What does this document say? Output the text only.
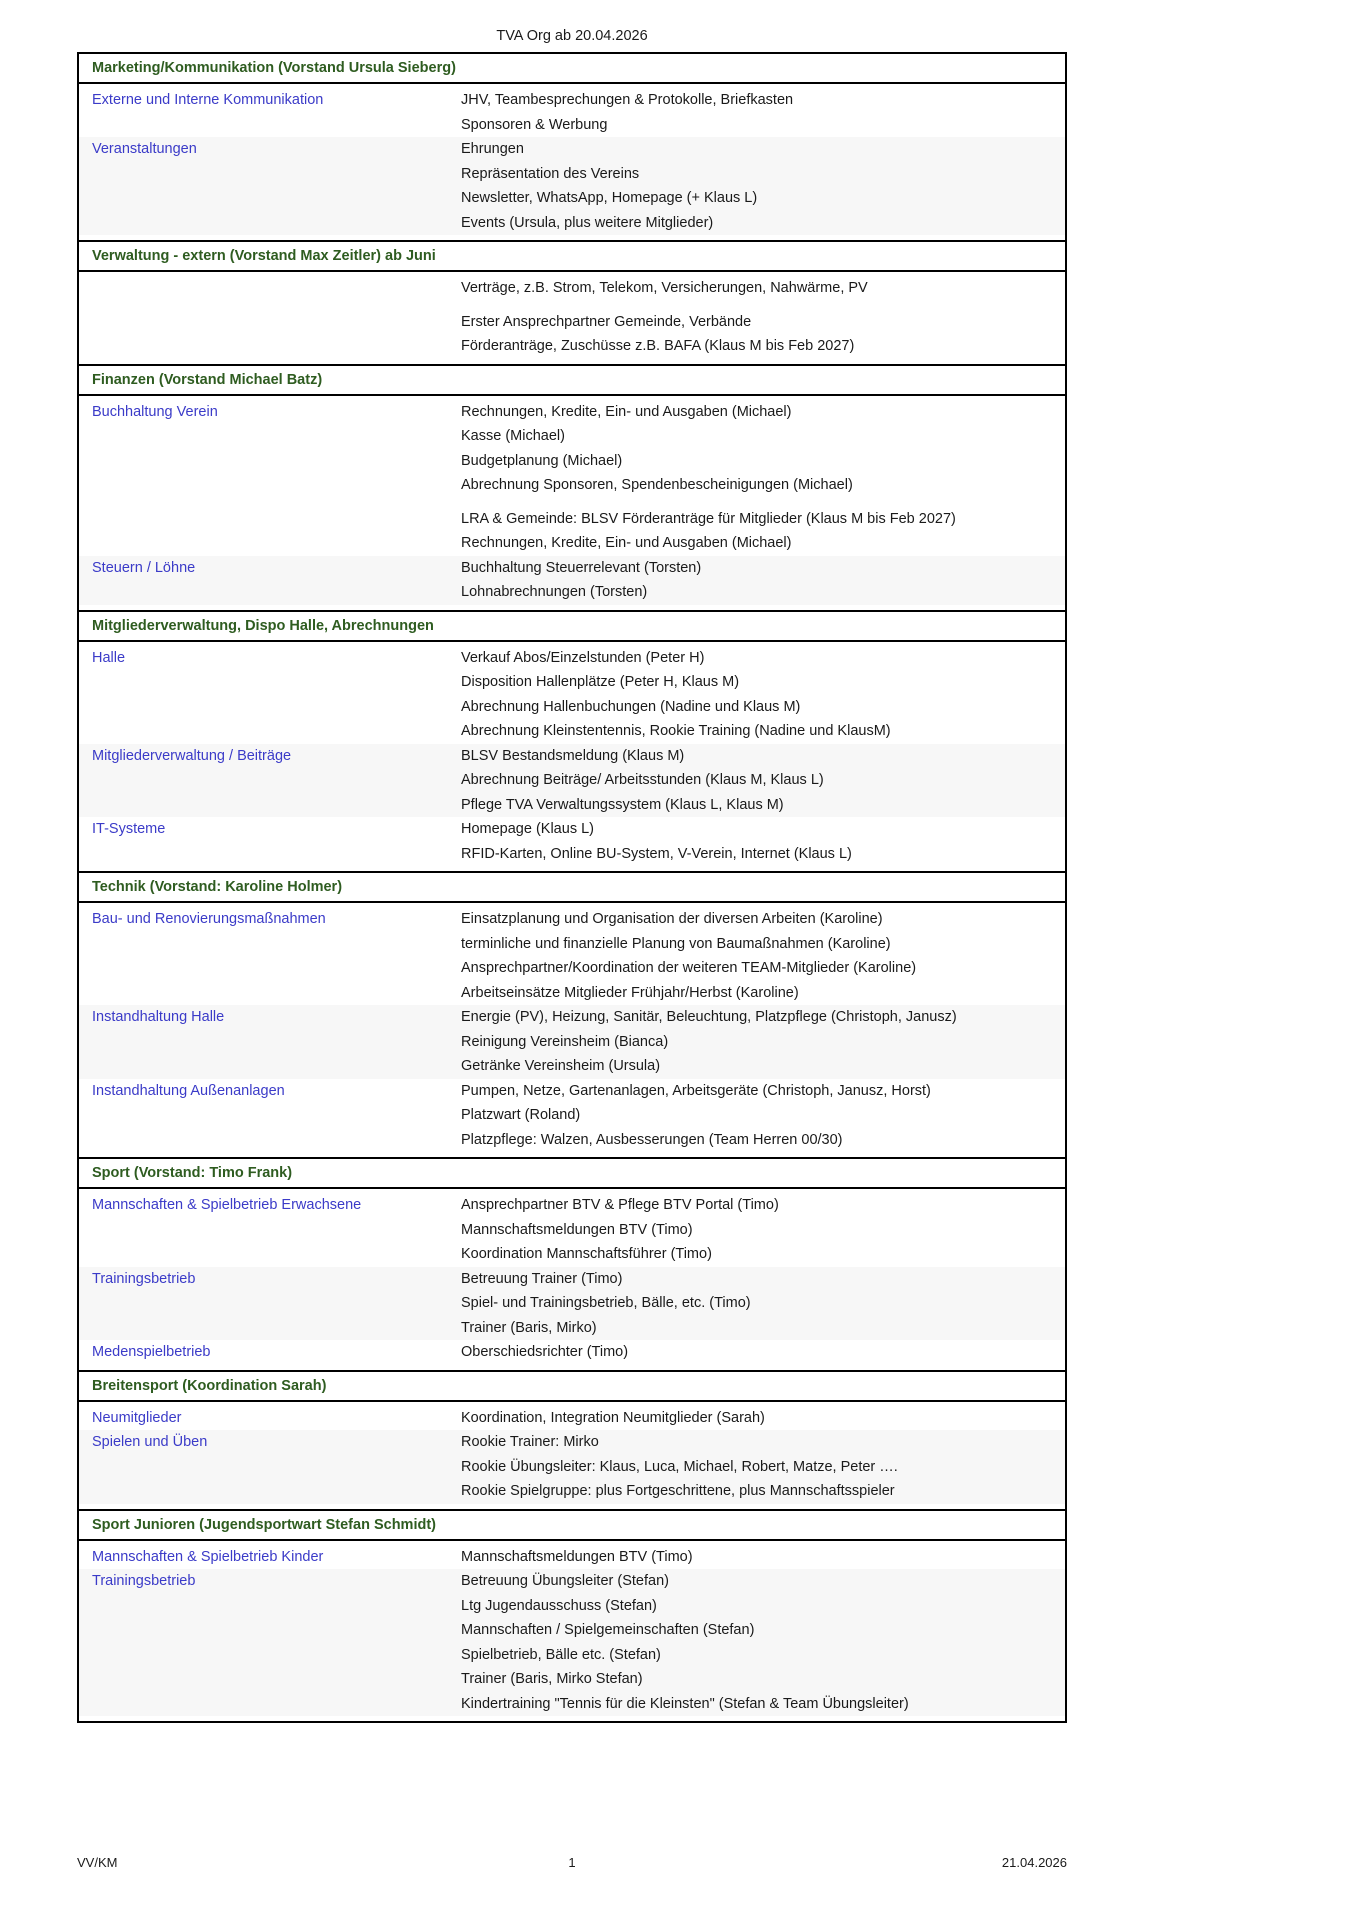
TVA Org ab 20.04.2026
Marketing/Kommunikation (Vorstand Ursula Sieberg)
Externe und Interne Kommunikation	JHV, Teambesprechungen & Protokolle, Briefkasten
Sponsoren & Werbung
Veranstaltungen	Ehrungen
Repräsentation des Vereins
Newsletter, WhatsApp, Homepage (+ Klaus L)
Events (Ursula, plus weitere Mitglieder)
Verwaltung - extern (Vorstand Max Zeitler) ab Juni
Verträge, z.B. Strom, Telekom, Versicherungen, Nahwärme, PV
Erster Ansprechpartner Gemeinde, Verbände
Förderanträge, Zuschüsse z.B. BAFA (Klaus M bis Feb 2027)
Finanzen (Vorstand Michael Batz)
Buchhaltung Verein	Rechnungen, Kredite, Ein- und Ausgaben (Michael)
Kasse (Michael)
Budgetplanung (Michael)
Abrechnung Sponsoren, Spendenbescheinigungen (Michael)
LRA & Gemeinde: BLSV Förderanträge für Mitglieder (Klaus M bis Feb 2027)
Rechnungen, Kredite, Ein- und Ausgaben (Michael)
Steuern / Löhne	Buchhaltung Steuerrelevant (Torsten)
Lohnabrechnungen (Torsten)
Mitgliederverwaltung, Dispo Halle, Abrechnungen
Halle	Verkauf Abos/Einzelstunden (Peter H)
Disposition Hallenplätze (Peter H, Klaus M)
Abrechnung Hallenbuchungen (Nadine und Klaus M)
Abrechnung Kleinstentennis, Rookie Training (Nadine und KlausM)
Mitgliederverwaltung / Beiträge	BLSV Bestandsmeldung (Klaus M)
Abrechnung Beiträge/ Arbeitsstunden (Klaus M, Klaus L)
Pflege TVA Verwaltungssystem (Klaus L, Klaus M)
IT-Systeme	Homepage (Klaus L)
RFID-Karten, Online BU-System, V-Verein, Internet (Klaus L)
Technik (Vorstand: Karoline Holmer)
Bau- und Renovierungsmaßnahmen	Einsatzplanung und Organisation der diversen Arbeiten (Karoline)
terminliche und finanzielle Planung von Baumaßnahmen (Karoline)
Ansprechpartner/Koordination der weiteren TEAM-Mitglieder (Karoline)
Arbeitseinsätze Mitglieder Frühjahr/Herbst (Karoline)
Instandhaltung Halle	Energie (PV), Heizung, Sanitär, Beleuchtung, Platzpflege (Christoph, Janusz)
Reinigung Vereinsheim (Bianca)
Getränke Vereinsheim (Ursula)
Instandhaltung Außenanlagen	Pumpen, Netze, Gartenanlagen, Arbeitsgeräte (Christoph, Janusz, Horst)
Platzwart (Roland)
Platzpflege: Walzen, Ausbesserungen (Team Herren 00/30)
Sport (Vorstand: Timo Frank)
Mannschaften & Spielbetrieb Erwachsene	Ansprechpartner BTV & Pflege BTV Portal (Timo)
Mannschaftsmeldungen BTV (Timo)
Koordination Mannschaftsführer (Timo)
Trainingsbetrieb	Betreuung Trainer (Timo)
Spiel- und Trainingsbetrieb, Bälle, etc. (Timo)
Trainer (Baris, Mirko)
Medenspielbetrieb	Oberschiedsrichter (Timo)
Breitensport (Koordination Sarah)
Neumitglieder	Koordination, Integration Neumitglieder (Sarah)
Spielen und Üben	Rookie Trainer: Mirko
Rookie Übungsleiter: Klaus, Luca, Michael, Robert, Matze, Peter ….
Rookie Spielgruppe: plus Fortgeschrittene, plus Mannschaftsspieler
Sport Junioren (Jugendsportwart Stefan Schmidt)
Mannschaften & Spielbetrieb Kinder	Mannschaftsmeldungen BTV (Timo)
Trainingsbetrieb	Betreuung Übungsleiter (Stefan)
Ltg Jugendausschuss (Stefan)
Mannschaften / Spielgemeinschaften (Stefan)
Spielbetrieb, Bälle etc. (Stefan)
Trainer (Baris, Mirko Stefan)
Kindertraining "Tennis für die Kleinsten" (Stefan & Team Übungsleiter)
VV/KM	1	21.04.2026
